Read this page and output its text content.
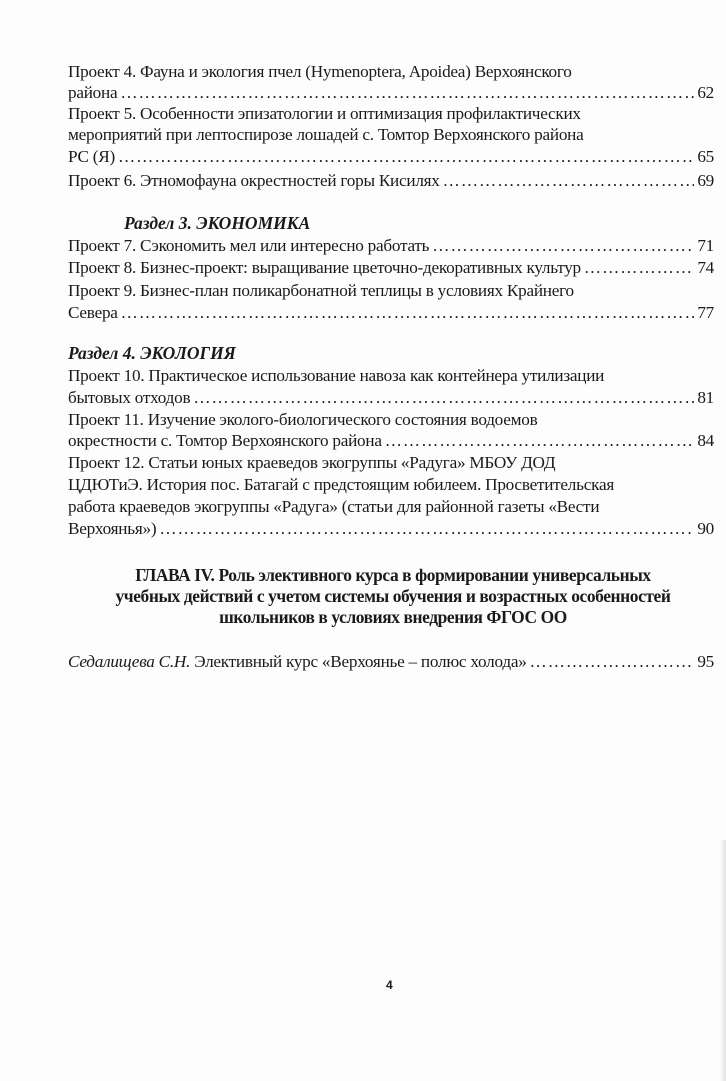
Проект 4. Фауна и экология пчел (Hymenoptera, Apoidea) Верхоянского
района ……………………………………………………………………………………………………………………	62
Проект 5. Особенности эпизатологии и оптимизация профилактических
мероприятий при лептоспирозе лошадей с. Томтор Верхоянского района
РС (Я) ……………………………………………………………………………………………………………………	65
Проект 6. Этномофауна окрестностей горы Кисилях ……………………………………………………………………………………………………………………	69
Раздел 3. ЭКОНОМИКА
Проект 7. Сэкономить мел или интересно работать ……………………………………………………………………………………………………………………	71
Проект 8. Бизнес-проект: выращивание цветочно-декоративных культур ……………………………………………………………………………………………………………………	74
Проект 9. Бизнес-план поликарбонатной теплицы в условиях Крайнего
Севера ……………………………………………………………………………………………………………………	77
Раздел 4. ЭКОЛОГИЯ
Проект 10. Практическое использование навоза как контейнера утилизации
бытовых отходов ……………………………………………………………………………………………………………………	81
Проект 11. Изучение эколого-биологического состояния водоемов
окрестности с. Томтор Верхоянского района ……………………………………………………………………………………………………………………	84
Проект 12. Статьи юных краеведов экогруппы «Радуга» МБОУ ДОД
ЦДЮТиЭ. История пос. Батагай с предстоящим юбилеем. Просветительская
работа краеведов экогруппы «Радуга» (статьи для районной газеты «Вести
Верхоянья») ……………………………………………………………………………………………………………………	90
ГЛАВА IV. Роль элективного курса в формировании универсальных
учебных действий с учетом системы обучения и возрастных особенностей
школьников в условиях внедрения ФГОС ОО
Седалищева С.Н. Элективный курс «Верхоянье – полюс холода» ……………………………………………………………………………………………………………………	95
4
